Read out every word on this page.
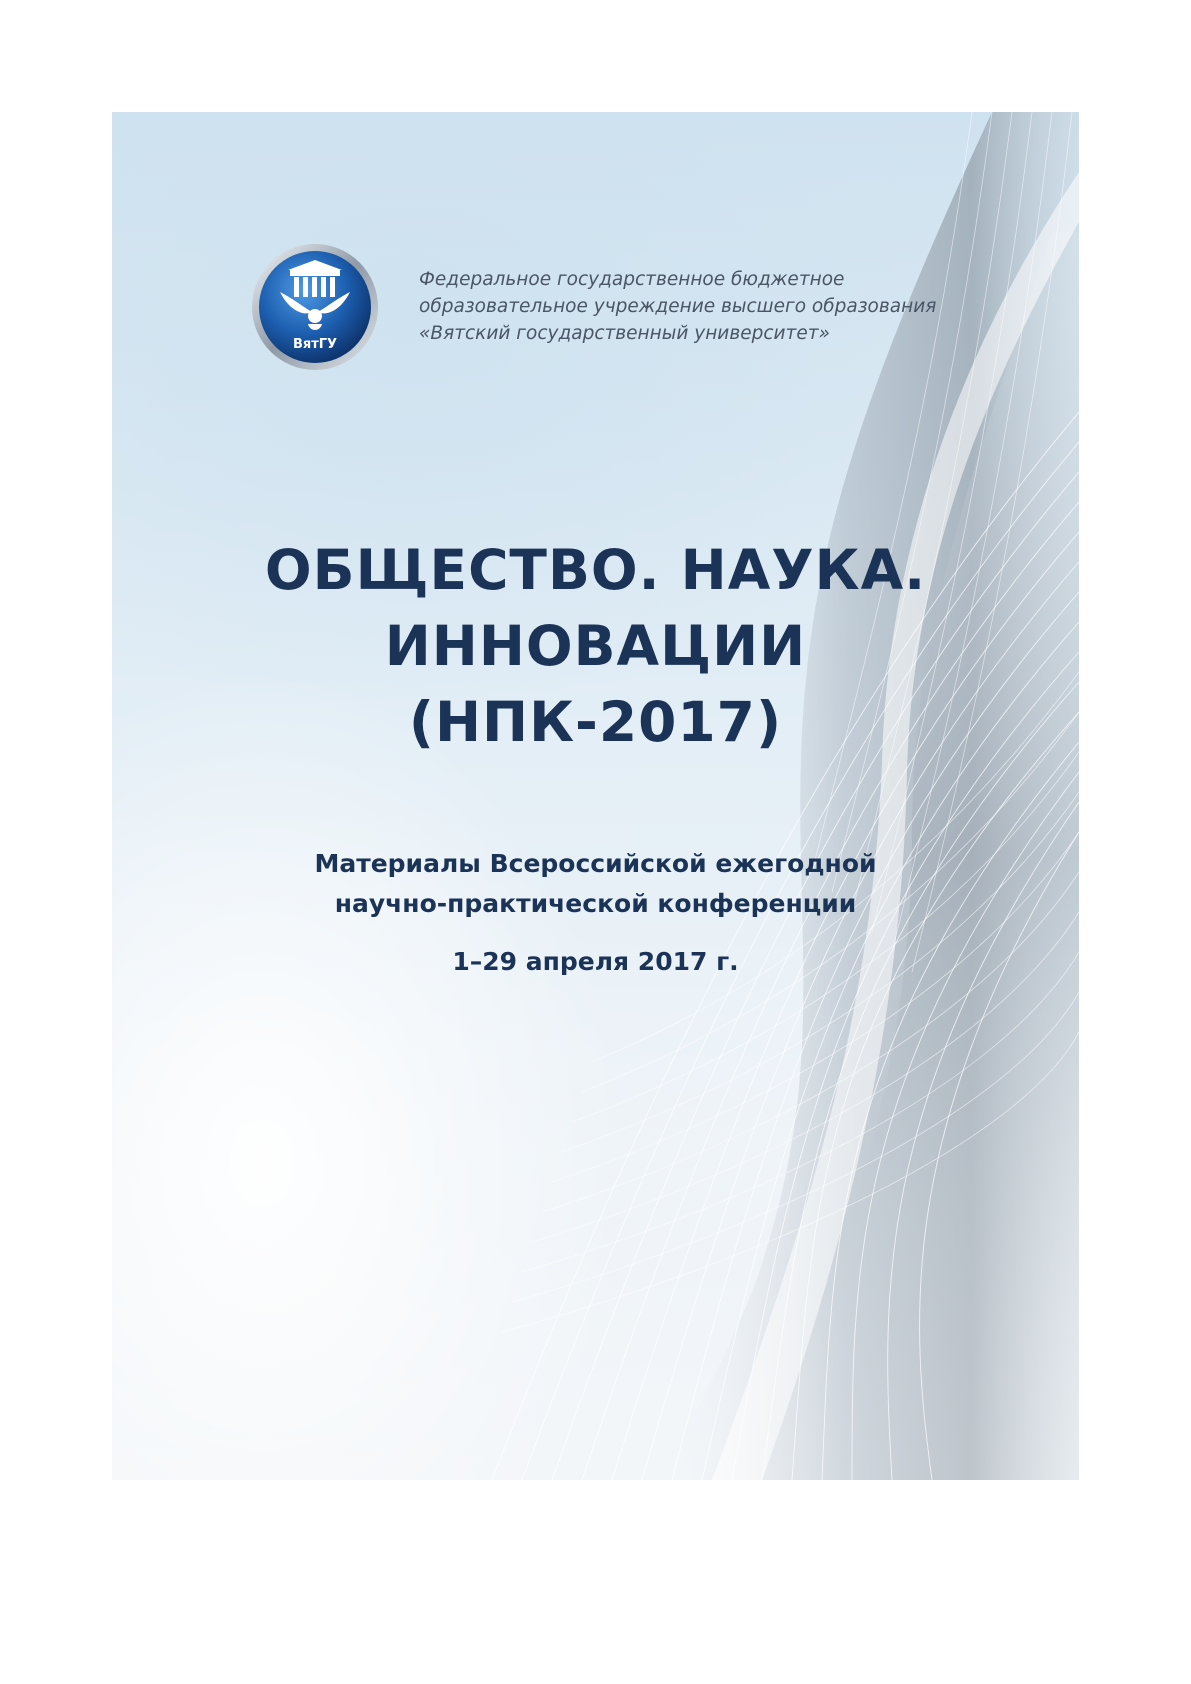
ВятГУ
Федеральное государственное бюджетное
образовательное учреждение высшего образования
«Вятский государственный университет»
ОБЩЕСТВО. НАУКА.
ИННОВАЦИИ
(НПК-2017)
Материалы Всероссийской ежегодной
научно-практической конференции
1–29 апреля 2017 г.
